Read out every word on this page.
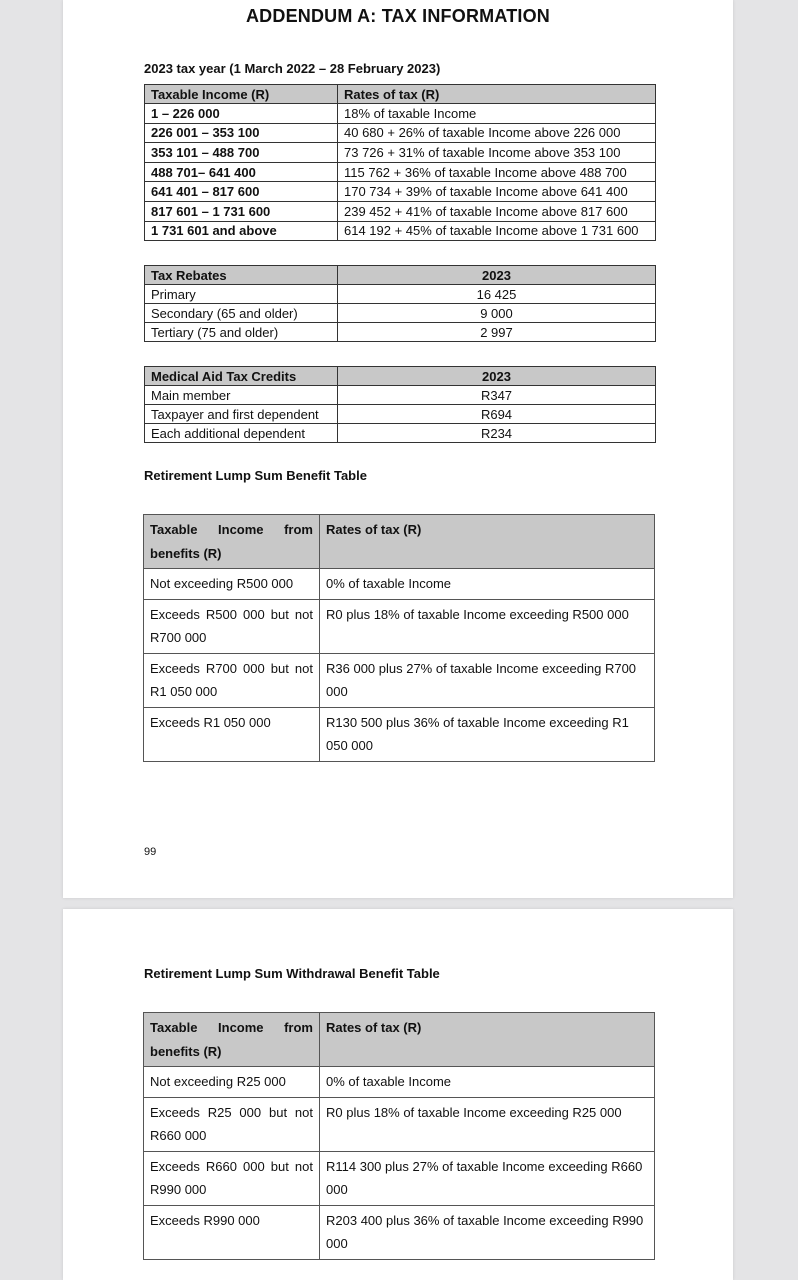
ADDENDUM A: TAX INFORMATION
2023 tax year (1 March 2022 – 28 February 2023)
Taxable Income (R)	Rates of tax (R)
1 – 226 000	18% of taxable Income
226 001 – 353 100	40 680 + 26% of taxable Income above 226 000
353 101 – 488 700	73 726 + 31% of taxable Income above 353 100
488 701– 641 400	115 762 + 36% of taxable Income above 488 700
641 401 – 817 600	170 734 + 39% of taxable Income above 641 400
817 601 – 1 731 600	239 452 + 41% of taxable Income above 817 600
1 731 601 and above	614 192 + 45% of taxable Income above 1 731 600
Tax Rebates	2023
Primary	16 425
Secondary (65 and older)	9 000
Tertiary (75 and older)	2 997
Medical Aid Tax Credits	2023
Main member	R347
Taxpayer and first dependent	R694
Each additional dependent	R234
Retirement Lump Sum Benefit Table
Taxable Income from benefits (R)	Rates of tax (R)
Not exceeding R500 000	0% of taxable Income
Exceeds R500 000 but not R700 000	R0 plus 18% of taxable Income exceeding R500 000
Exceeds R700 000 but not R1 050 000	R36 000 plus 27% of taxable Income exceeding R700 000
Exceeds R1 050 000	R130 500 plus 36% of taxable Income exceeding R1 050 000
99
Retirement Lump Sum Withdrawal Benefit Table
Taxable Income from benefits (R)	Rates of tax (R)
Not exceeding R25 000	0% of taxable Income
Exceeds R25 000 but not R660 000	R0 plus 18% of taxable Income exceeding R25 000
Exceeds R660 000 but not R990 000	R114 300 plus 27% of taxable Income exceeding R660 000
Exceeds R990 000	R203 400 plus 36% of taxable Income exceeding R990 000
